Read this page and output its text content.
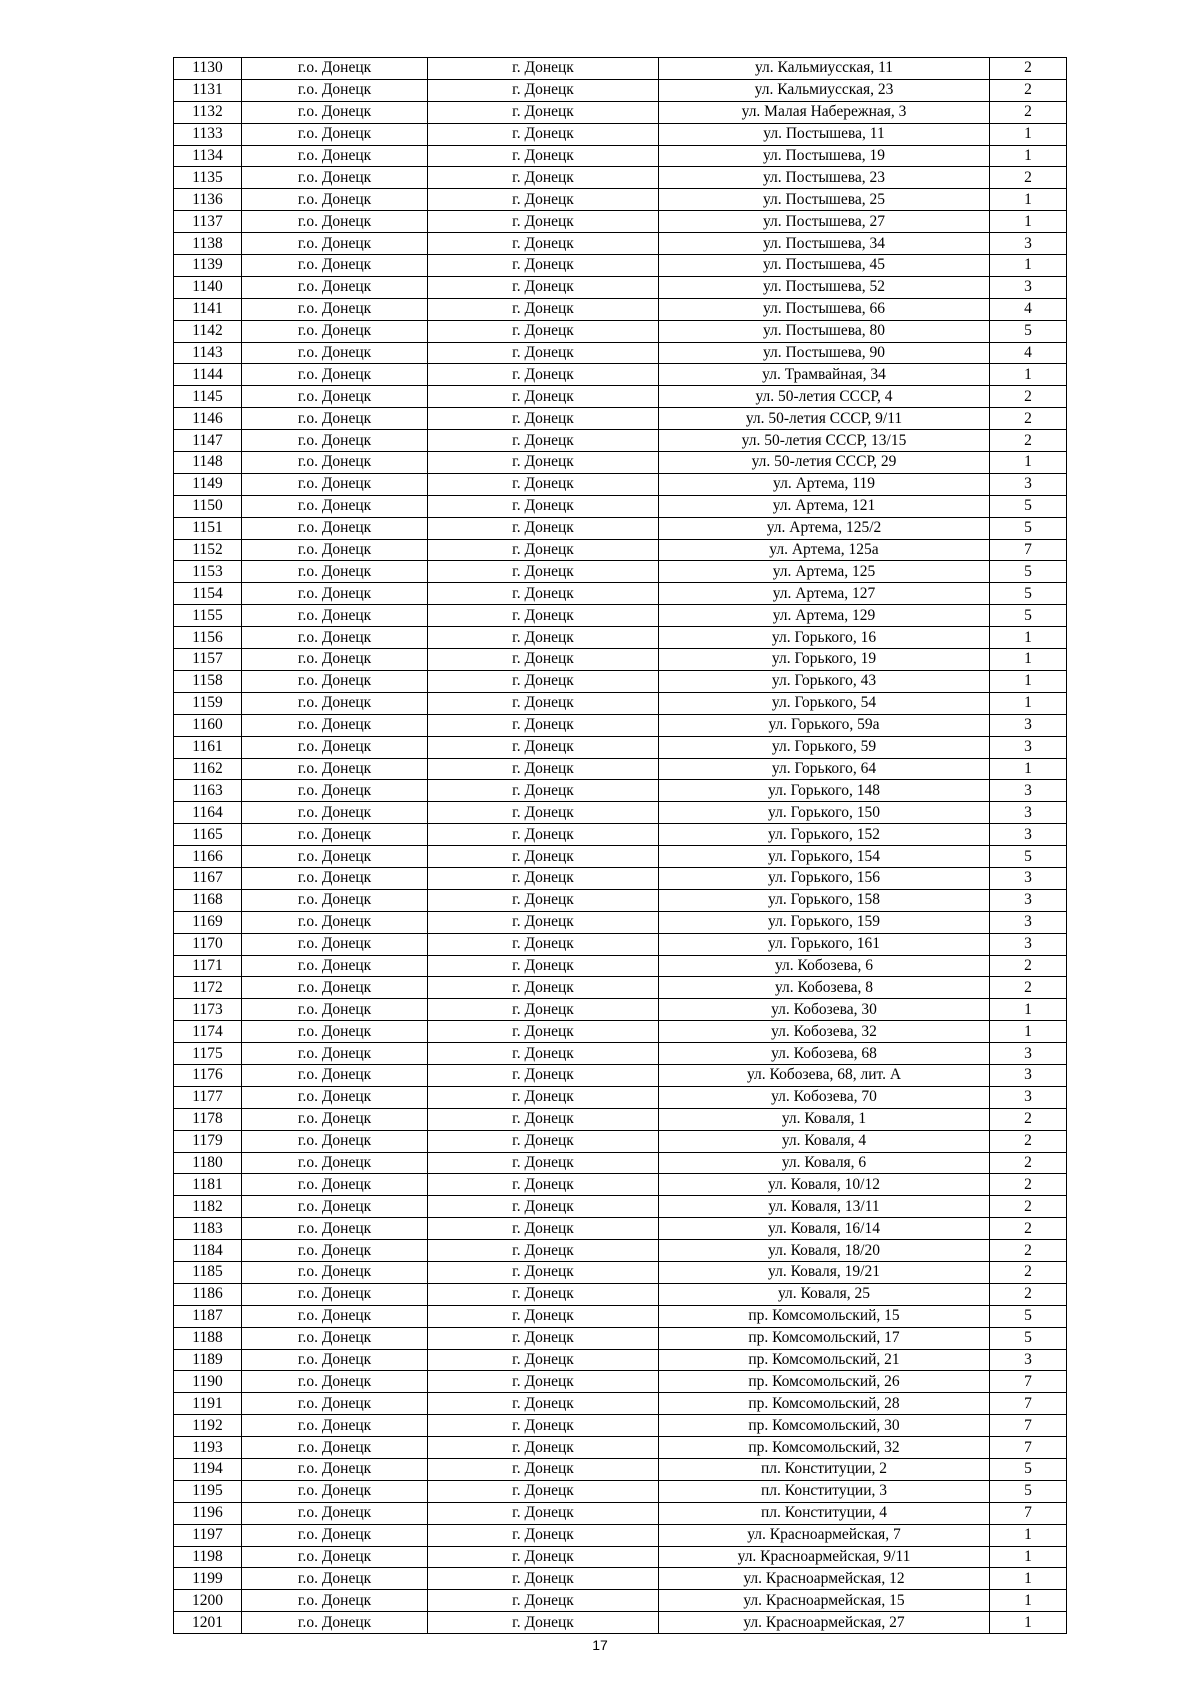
1130	г.о. Донецк	г. Донецк	ул. Кальмиусская, 11	2
1131	г.о. Донецк	г. Донецк	ул. Кальмиусская, 23	2
1132	г.о. Донецк	г. Донецк	ул. Малая Набережная, 3	2
1133	г.о. Донецк	г. Донецк	ул. Постышева, 11	1
1134	г.о. Донецк	г. Донецк	ул. Постышева, 19	1
1135	г.о. Донецк	г. Донецк	ул. Постышева, 23	2
1136	г.о. Донецк	г. Донецк	ул. Постышева, 25	1
1137	г.о. Донецк	г. Донецк	ул. Постышева, 27	1
1138	г.о. Донецк	г. Донецк	ул. Постышева, 34	3
1139	г.о. Донецк	г. Донецк	ул. Постышева, 45	1
1140	г.о. Донецк	г. Донецк	ул. Постышева, 52	3
1141	г.о. Донецк	г. Донецк	ул. Постышева, 66	4
1142	г.о. Донецк	г. Донецк	ул. Постышева, 80	5
1143	г.о. Донецк	г. Донецк	ул. Постышева, 90	4
1144	г.о. Донецк	г. Донецк	ул. Трамвайная, 34	1
1145	г.о. Донецк	г. Донецк	ул. 50-летия СССР, 4	2
1146	г.о. Донецк	г. Донецк	ул. 50-летия СССР, 9/11	2
1147	г.о. Донецк	г. Донецк	ул. 50-летия СССР, 13/15	2
1148	г.о. Донецк	г. Донецк	ул. 50-летия СССР, 29	1
1149	г.о. Донецк	г. Донецк	ул. Артема, 119	3
1150	г.о. Донецк	г. Донецк	ул. Артема, 121	5
1151	г.о. Донецк	г. Донецк	ул. Артема, 125/2	5
1152	г.о. Донецк	г. Донецк	ул. Артема, 125а	7
1153	г.о. Донецк	г. Донецк	ул. Артема, 125	5
1154	г.о. Донецк	г. Донецк	ул. Артема, 127	5
1155	г.о. Донецк	г. Донецк	ул. Артема, 129	5
1156	г.о. Донецк	г. Донецк	ул. Горького, 16	1
1157	г.о. Донецк	г. Донецк	ул. Горького, 19	1
1158	г.о. Донецк	г. Донецк	ул. Горького, 43	1
1159	г.о. Донецк	г. Донецк	ул. Горького, 54	1
1160	г.о. Донецк	г. Донецк	ул. Горького, 59а	3
1161	г.о. Донецк	г. Донецк	ул. Горького, 59	3
1162	г.о. Донецк	г. Донецк	ул. Горького, 64	1
1163	г.о. Донецк	г. Донецк	ул. Горького, 148	3
1164	г.о. Донецк	г. Донецк	ул. Горького, 150	3
1165	г.о. Донецк	г. Донецк	ул. Горького, 152	3
1166	г.о. Донецк	г. Донецк	ул. Горького, 154	5
1167	г.о. Донецк	г. Донецк	ул. Горького, 156	3
1168	г.о. Донецк	г. Донецк	ул. Горького, 158	3
1169	г.о. Донецк	г. Донецк	ул. Горького, 159	3
1170	г.о. Донецк	г. Донецк	ул. Горького, 161	3
1171	г.о. Донецк	г. Донецк	ул. Кобозева, 6	2
1172	г.о. Донецк	г. Донецк	ул. Кобозева, 8	2
1173	г.о. Донецк	г. Донецк	ул. Кобозева, 30	1
1174	г.о. Донецк	г. Донецк	ул. Кобозева, 32	1
1175	г.о. Донецк	г. Донецк	ул. Кобозева, 68	3
1176	г.о. Донецк	г. Донецк	ул. Кобозева, 68, лит. А	3
1177	г.о. Донецк	г. Донецк	ул. Кобозева, 70	3
1178	г.о. Донецк	г. Донецк	ул. Коваля, 1	2
1179	г.о. Донецк	г. Донецк	ул. Коваля, 4	2
1180	г.о. Донецк	г. Донецк	ул. Коваля, 6	2
1181	г.о. Донецк	г. Донецк	ул. Коваля, 10/12	2
1182	г.о. Донецк	г. Донецк	ул. Коваля, 13/11	2
1183	г.о. Донецк	г. Донецк	ул. Коваля, 16/14	2
1184	г.о. Донецк	г. Донецк	ул. Коваля, 18/20	2
1185	г.о. Донецк	г. Донецк	ул. Коваля, 19/21	2
1186	г.о. Донецк	г. Донецк	ул. Коваля, 25	2
1187	г.о. Донецк	г. Донецк	пр. Комсомольский, 15	5
1188	г.о. Донецк	г. Донецк	пр. Комсомольский, 17	5
1189	г.о. Донецк	г. Донецк	пр. Комсомольский, 21	3
1190	г.о. Донецк	г. Донецк	пр. Комсомольский, 26	7
1191	г.о. Донецк	г. Донецк	пр. Комсомольский, 28	7
1192	г.о. Донецк	г. Донецк	пр. Комсомольский, 30	7
1193	г.о. Донецк	г. Донецк	пр. Комсомольский, 32	7
1194	г.о. Донецк	г. Донецк	пл. Конституции, 2	5
1195	г.о. Донецк	г. Донецк	пл. Конституции, 3	5
1196	г.о. Донецк	г. Донецк	пл. Конституции, 4	7
1197	г.о. Донецк	г. Донецк	ул. Красноармейская, 7	1
1198	г.о. Донецк	г. Донецк	ул. Красноармейская, 9/11	1
1199	г.о. Донецк	г. Донецк	ул. Красноармейская, 12	1
1200	г.о. Донецк	г. Донецк	ул. Красноармейская, 15	1
1201	г.о. Донецк	г. Донецк	ул. Красноармейская, 27	1
17
